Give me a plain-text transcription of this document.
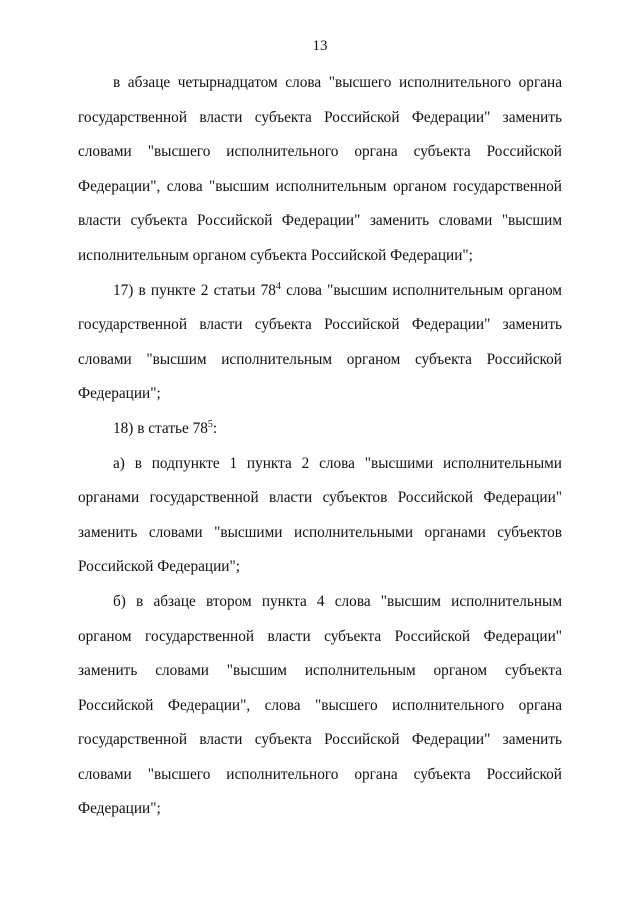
13

в абзаце четырнадцатом слова "высшего исполнительного органа государственной власти субъекта Российской Федерации" заменить словами "высшего исполнительного органа субъекта Российской Федерации", слова "высшим исполнительным органом государственной власти субъекта Российской Федерации" заменить словами "высшим исполнительным органом субъекта Российской Федерации";

17) в пункте 2 статьи $78^4$ слова "высшим исполнительным органом государственной власти субъекта Российской Федерации" заменить словами "высшим исполнительным органом субъекта Российской Федерации";

18) в статье $78^5$:

а) в подпункте 1 пункта 2 слова "высшими исполнительными органами государственной власти субъектов Российской Федерации" заменить словами "высшими исполнительными органами субъектов Российской Федерации";

б) в абзаце втором пункта 4 слова "высшим исполнительным органом государственной власти субъекта Российской Федерации" заменить словами "высшим исполнительным органом субъекта Российской Федерации", слова "высшего исполнительного органа государственной власти субъекта Российской Федерации" заменить словами "высшего исполнительного органа субъекта Российской Федерации";
